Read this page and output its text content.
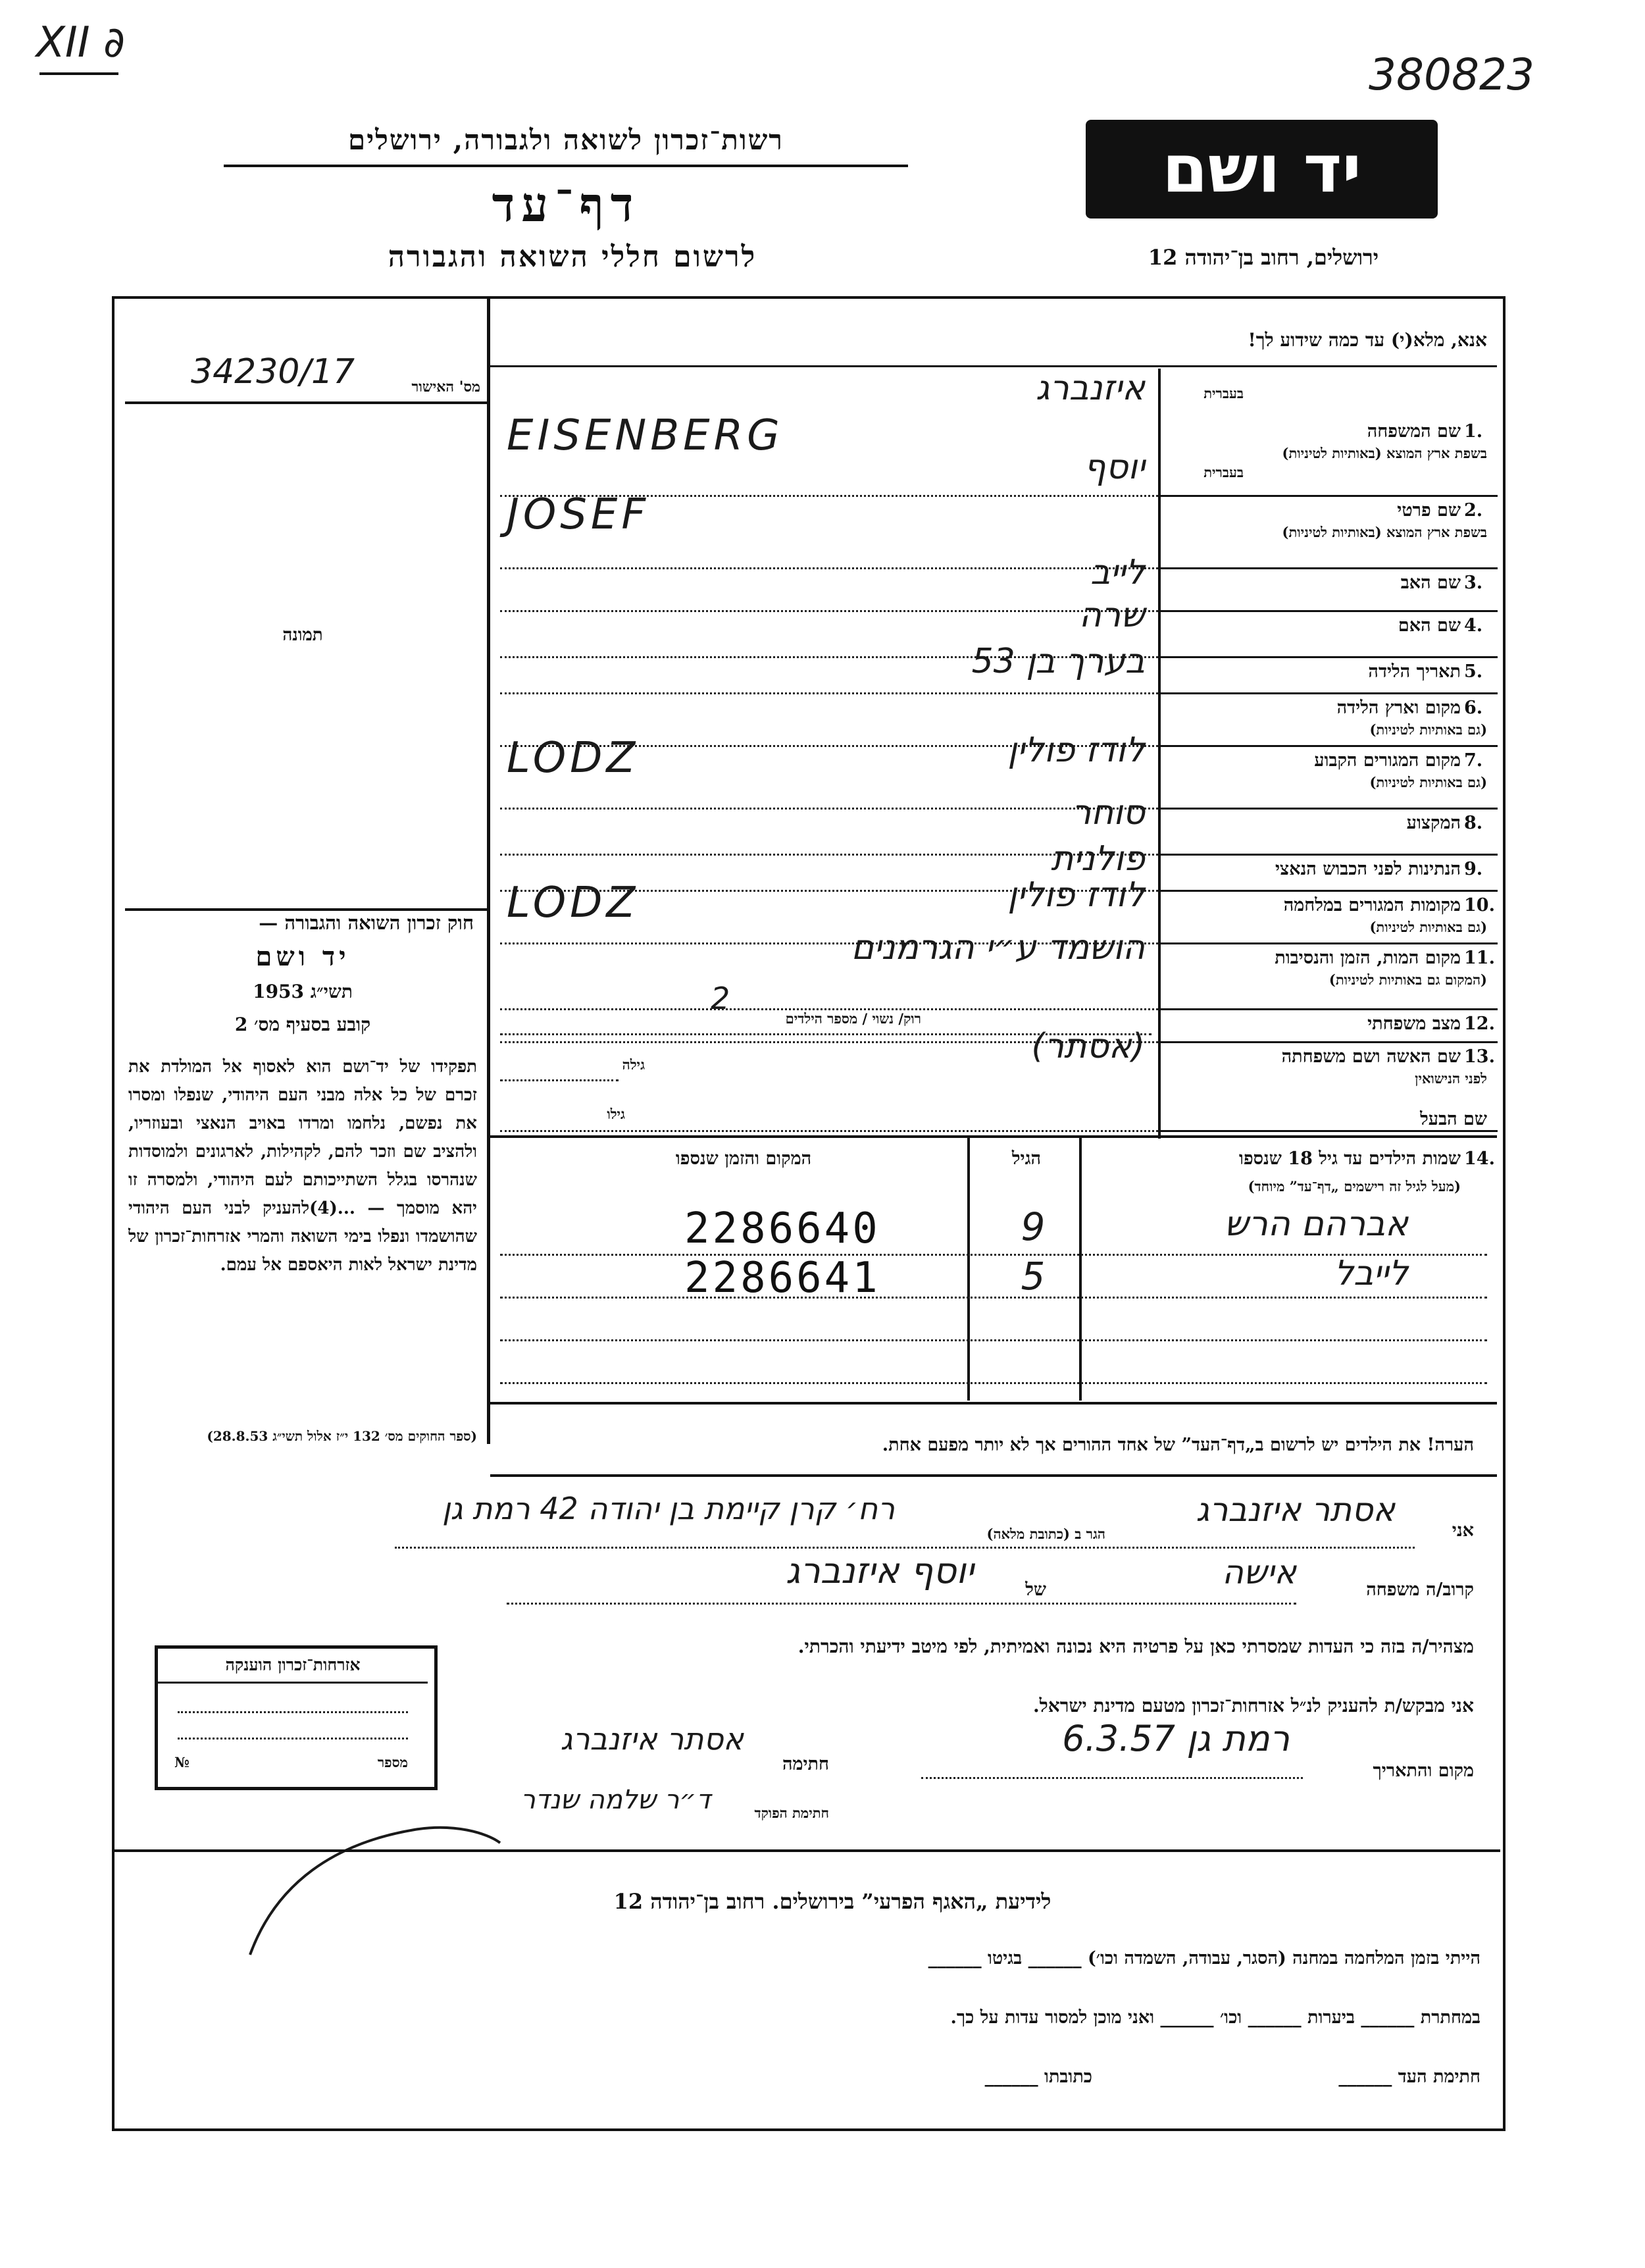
XII ∂
380823
רשות־זכרון לשואה ולגבורה, ירושלים
דף־עד
לרשום חללי השואה והגבורה
יד ושם
ירושלים, רחוב בן־יהודה 12
אנא, מלא(י) עד כמה שידוע לך!
מס' האישור
34230/17
תמונה
חוק זכרון השואה והגבורה —
יד ושם
תשי״ג 1953
קובע בסעיף מס׳ 2
תפקידו של יד־ושם הוא לאסוף אל המולדת את זכרם של כל אלה מבני העם היהודי, שנפלו ומסרו את נפשם, נלחמו ומרדו באויב הנאצי ובעוזריו, ולהציב שם וזכר להם, לקהילות, לארגונים ולמוסדות שנהרסו בגלל השתייכותם לעם היהודי, ולמסרה זו יהא מוסמך — ...(4)להעניק לבני העם היהודי שהושמדו ונפלו בימי השואה והמרי אזרחות־זכרון של מדינת ישראל לאות היאספם אל עמם.
(ספר החוקים מס׳ 132 י״ז אלול תשי״ג 28.8.53)
1.
שם המשפחה
בשפת ארץ המוצא (באותיות לטיניות)
בעברית
איזנברג
EISENBERG
2.
שם פרטי
בשפת ארץ המוצא (באותיות לטיניות)
בעברית
יוסף
JOSEF
3.
שם האב
לייב
4.
שם האם
שרה
5.
תאריך הלידה
בערך בן 53
6.
מקום וארץ הלידה
(גם באותיות לטיניות)
7.
מקום המגורים הקבוע
(גם באותיות לטיניות)
לודז פולין
LODZ
8.
המקצוע
סוחר
9.
הנתינות לפני הכבוש הנאצי
פולנית
10.
מקומות המגורים במלחמה
(גם באותיות לטיניות)
לודז פולין
LODZ
11.
מקום המות, הזמן והנסיבות
(המקום גם באותיות לטיניות)
הושמד ע״י הגרמנים
12.
מצב משפחתי
13.
שם האשה ושם משפחתה
לפני הנישואין
(אסתר)
רוק/ נשוי / מספר הילדים
2
גילה
שם הבעל
גילו
שמות הילדים עד גיל 18 שנספו 14.
(מעל לגיל זה רישמים „דף־עד” מיוחד)
הגיל
המקום והזמן שנספו
אברהם הרש
9
2286640
לייבל
5
2286641
הערה! את הילדים יש לרשום ב„דף־העד” של אחד ההורים אך לא יותר מפעם אחת.
אני
אסתר איזנברג
הגר ב (כתובת מלאה)
רח׳ קרן קיימת בן יהודה 42 רמת גן
קרוב/ה משפחה
אישה
של
יוסף איזנברג
מצהיר/ה בזה כי העדות שמסרתי כאן על פרטיה היא נכונה ואמיתית, לפי מיטב ידיעתי והכרתי.
אני מבקש/ת להעניק לנ״ל אזרחות־זכרון מטעם מדינת ישראל.
מקום והתאריך
רמת גן 6.3.57
חתימה
אסתר איזנברג
חתימת הפוקד
ד״ר שלמה שנדר
אזרחות־זכרון הוענקה
מספר
№
לידיעת „האגף הפרעי” בירושלים. רחוב בן־יהודה 12
הייתי בזמן המלחמה במחנה (הסגר, עבודה, השמדה וכו׳) ______ בגיטו ______
במחתרת ______ ביערות ______ וכו׳ ______ ואני מוכן למסור עדות על כך.
חתימת העד ______
כתובתו ______
